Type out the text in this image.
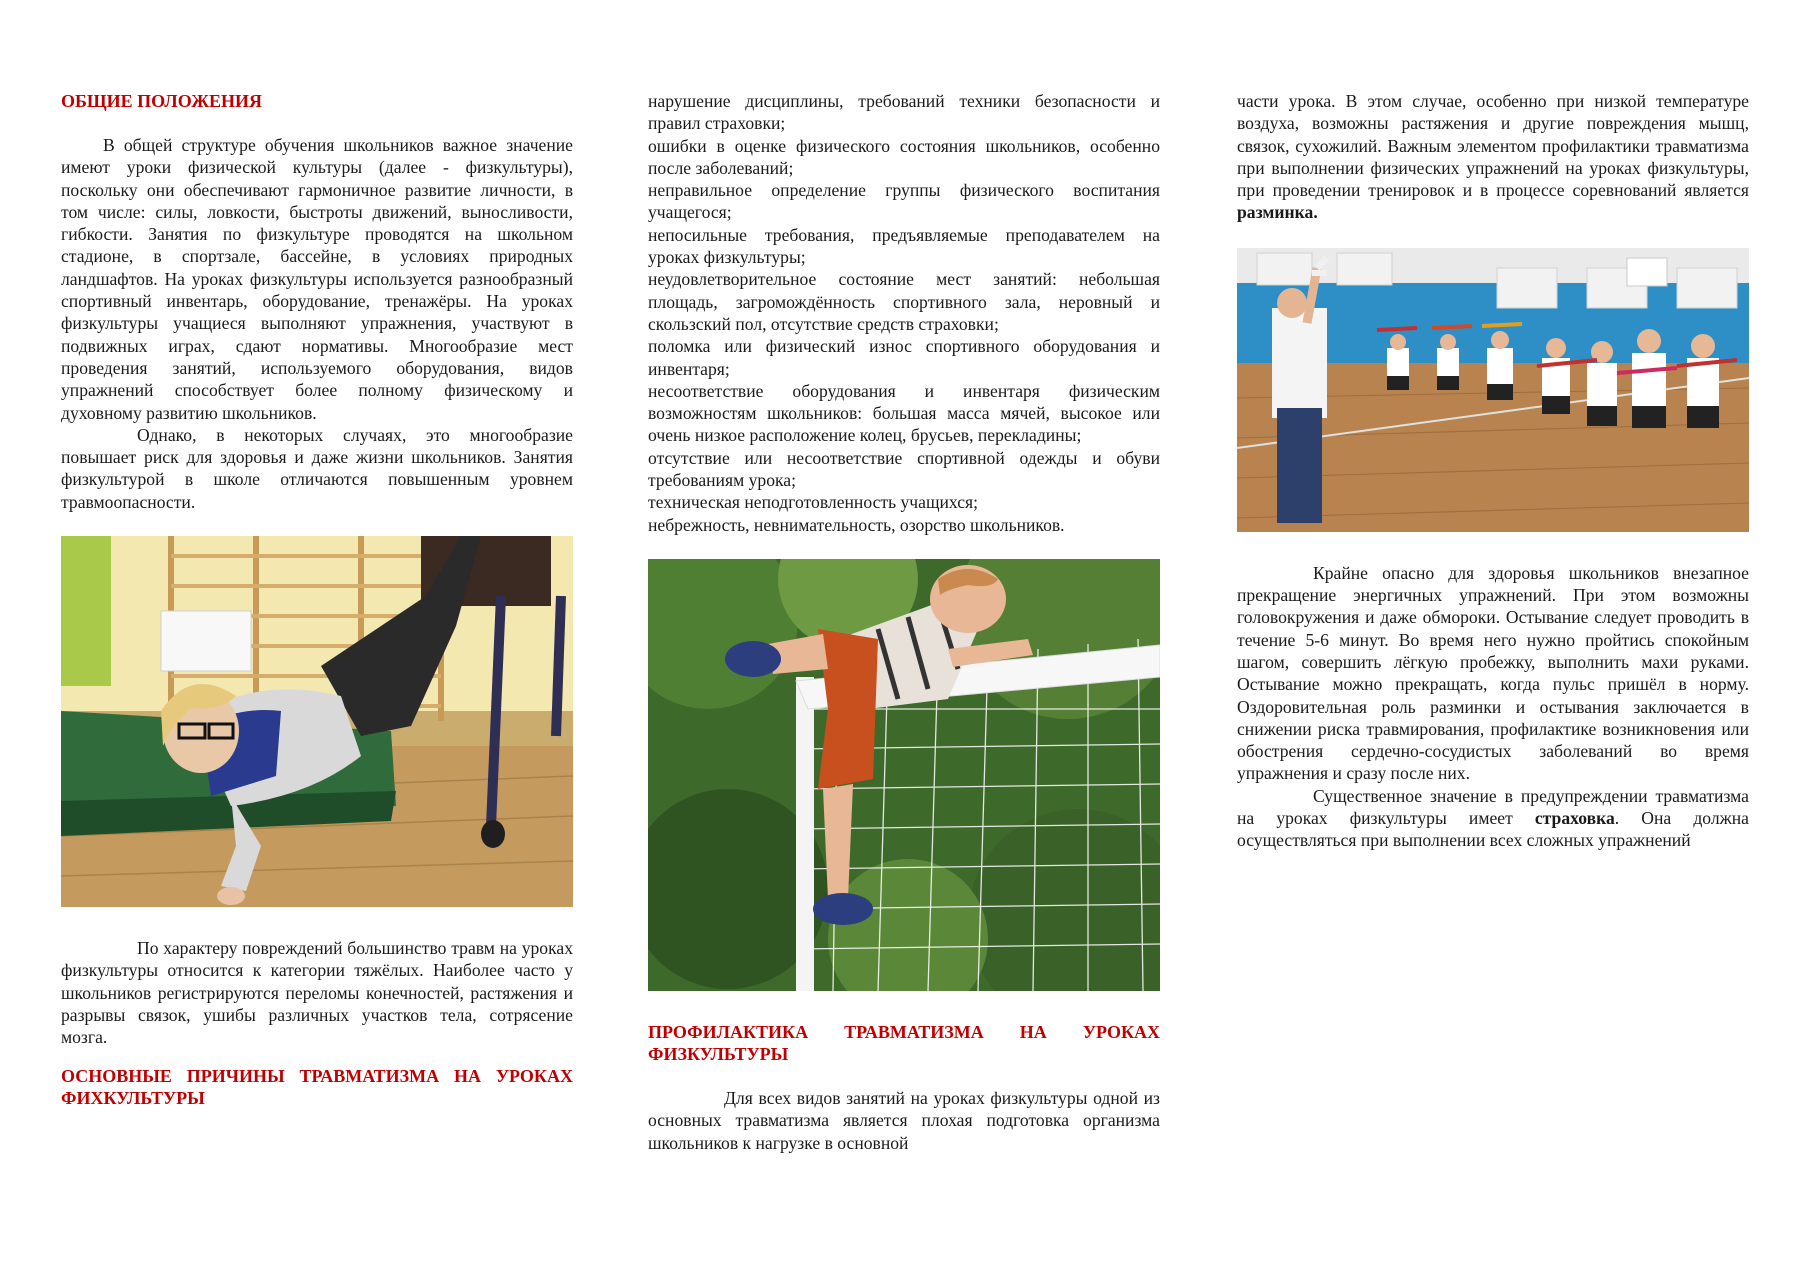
ОБЩИЕ ПОЛОЖЕНИЯ

В общей структуре обучения школьников важное значение имеют уроки физической культуры (далее - физкультуры), поскольку они обеспечивают гармоничное развитие личности, в том числе: силы, ловкости, быстроты движений, выносливости, гибкости. Занятия по физкультуре проводятся на школьном стадионе, в спортзале, бассейне, в условиях природных ландшафтов. На уроках физкультуры используется разнообразный спортивный инвентарь, оборудование, тренажёры. На уроках физкультуры учащиеся выполняют упражнения, участвуют в подвижных играх, сдают нормативы. Многообразие мест проведения занятий, используемого оборудования, видов упражнений способствует более полному физическому и духовному развитию школьников.

Однако, в некоторых случаях, это многообразие повышает риск для здоровья и даже жизни школьников. Занятия физкультурой в школе отличаются повышенным уровнем травмоопасности.

По характеру повреждений большинство травм на уроках физкультуры относится к категории тяжёлых. Наиболее часто у школьников регистрируются переломы конечностей, растяжения и разрывы связок, ушибы различных участков тела, сотрясение мозга.

ОСНОВНЫЕ ПРИЧИНЫ ТРАВМАТИЗМА НА УРОКАХ ФИХКУЛЬТУРЫ

нарушение дисциплины, требований техники безопасности и правил страховки;

ошибки в оценке физического состояния школьников, особенно после заболеваний;

неправильное определение группы физического воспитания учащегося;

непосильные требования, предъявляемые преподавателем на уроках физкультуры;

неудовлетворительное состояние мест занятий: небольшая площадь, загромождённость спортивного зала, неровный и скользский пол, отсутствие средств страховки;

поломка или физический износ спортивного оборудования и инвентаря;

несоответствие оборудования и инвентаря физическим возможностям школьников: большая масса мячей, высокое или очень низкое расположение колец, брусьев, перекладины;

отсутствие или несоответствие спортивной одежды и обуви требованиям урока;

техническая неподготовленность учащихся;

небрежность, невнимательность, озорство школьников.

ПРОФИЛАКТИКА ТРАВМАТИЗМА НА УРОКАХ ФИЗКУЛЬТУРЫ

Для всех видов занятий на уроках физкультуры одной из основных травматизма является плохая подготовка организма школьников к нагрузке в основной

части урока. В этом случае, особенно при низкой температуре воздуха, возможны растяжения и другие повреждения мышц, связок, сухожилий. Важным элементом профилактики травматизма при выполнении физических упражнений на уроках физкультуры, при проведении тренировок и в процессе соревнований является разминка.

Крайне опасно для здоровья школьников внезапное прекращение энергичных упражнений. При этом возможны головокружения и даже обмороки. Остывание следует проводить в течение 5-6 минут. Во время него нужно пройтись спокойным шагом, совершить лёгкую пробежку, выполнить махи руками. Остывание можно прекращать, когда пульс пришёл в норму. Оздоровительная роль разминки и остывания заключается в снижении риска травмирования, профилактике возникновения или обострения сердечно-сосудистых заболеваний во время упражнения и сразу после них.

Существенное значение в предупреждении травматизма на уроках физкультуры имеет страховка. Она должна осуществляться при выполнении всех сложных упражнений
